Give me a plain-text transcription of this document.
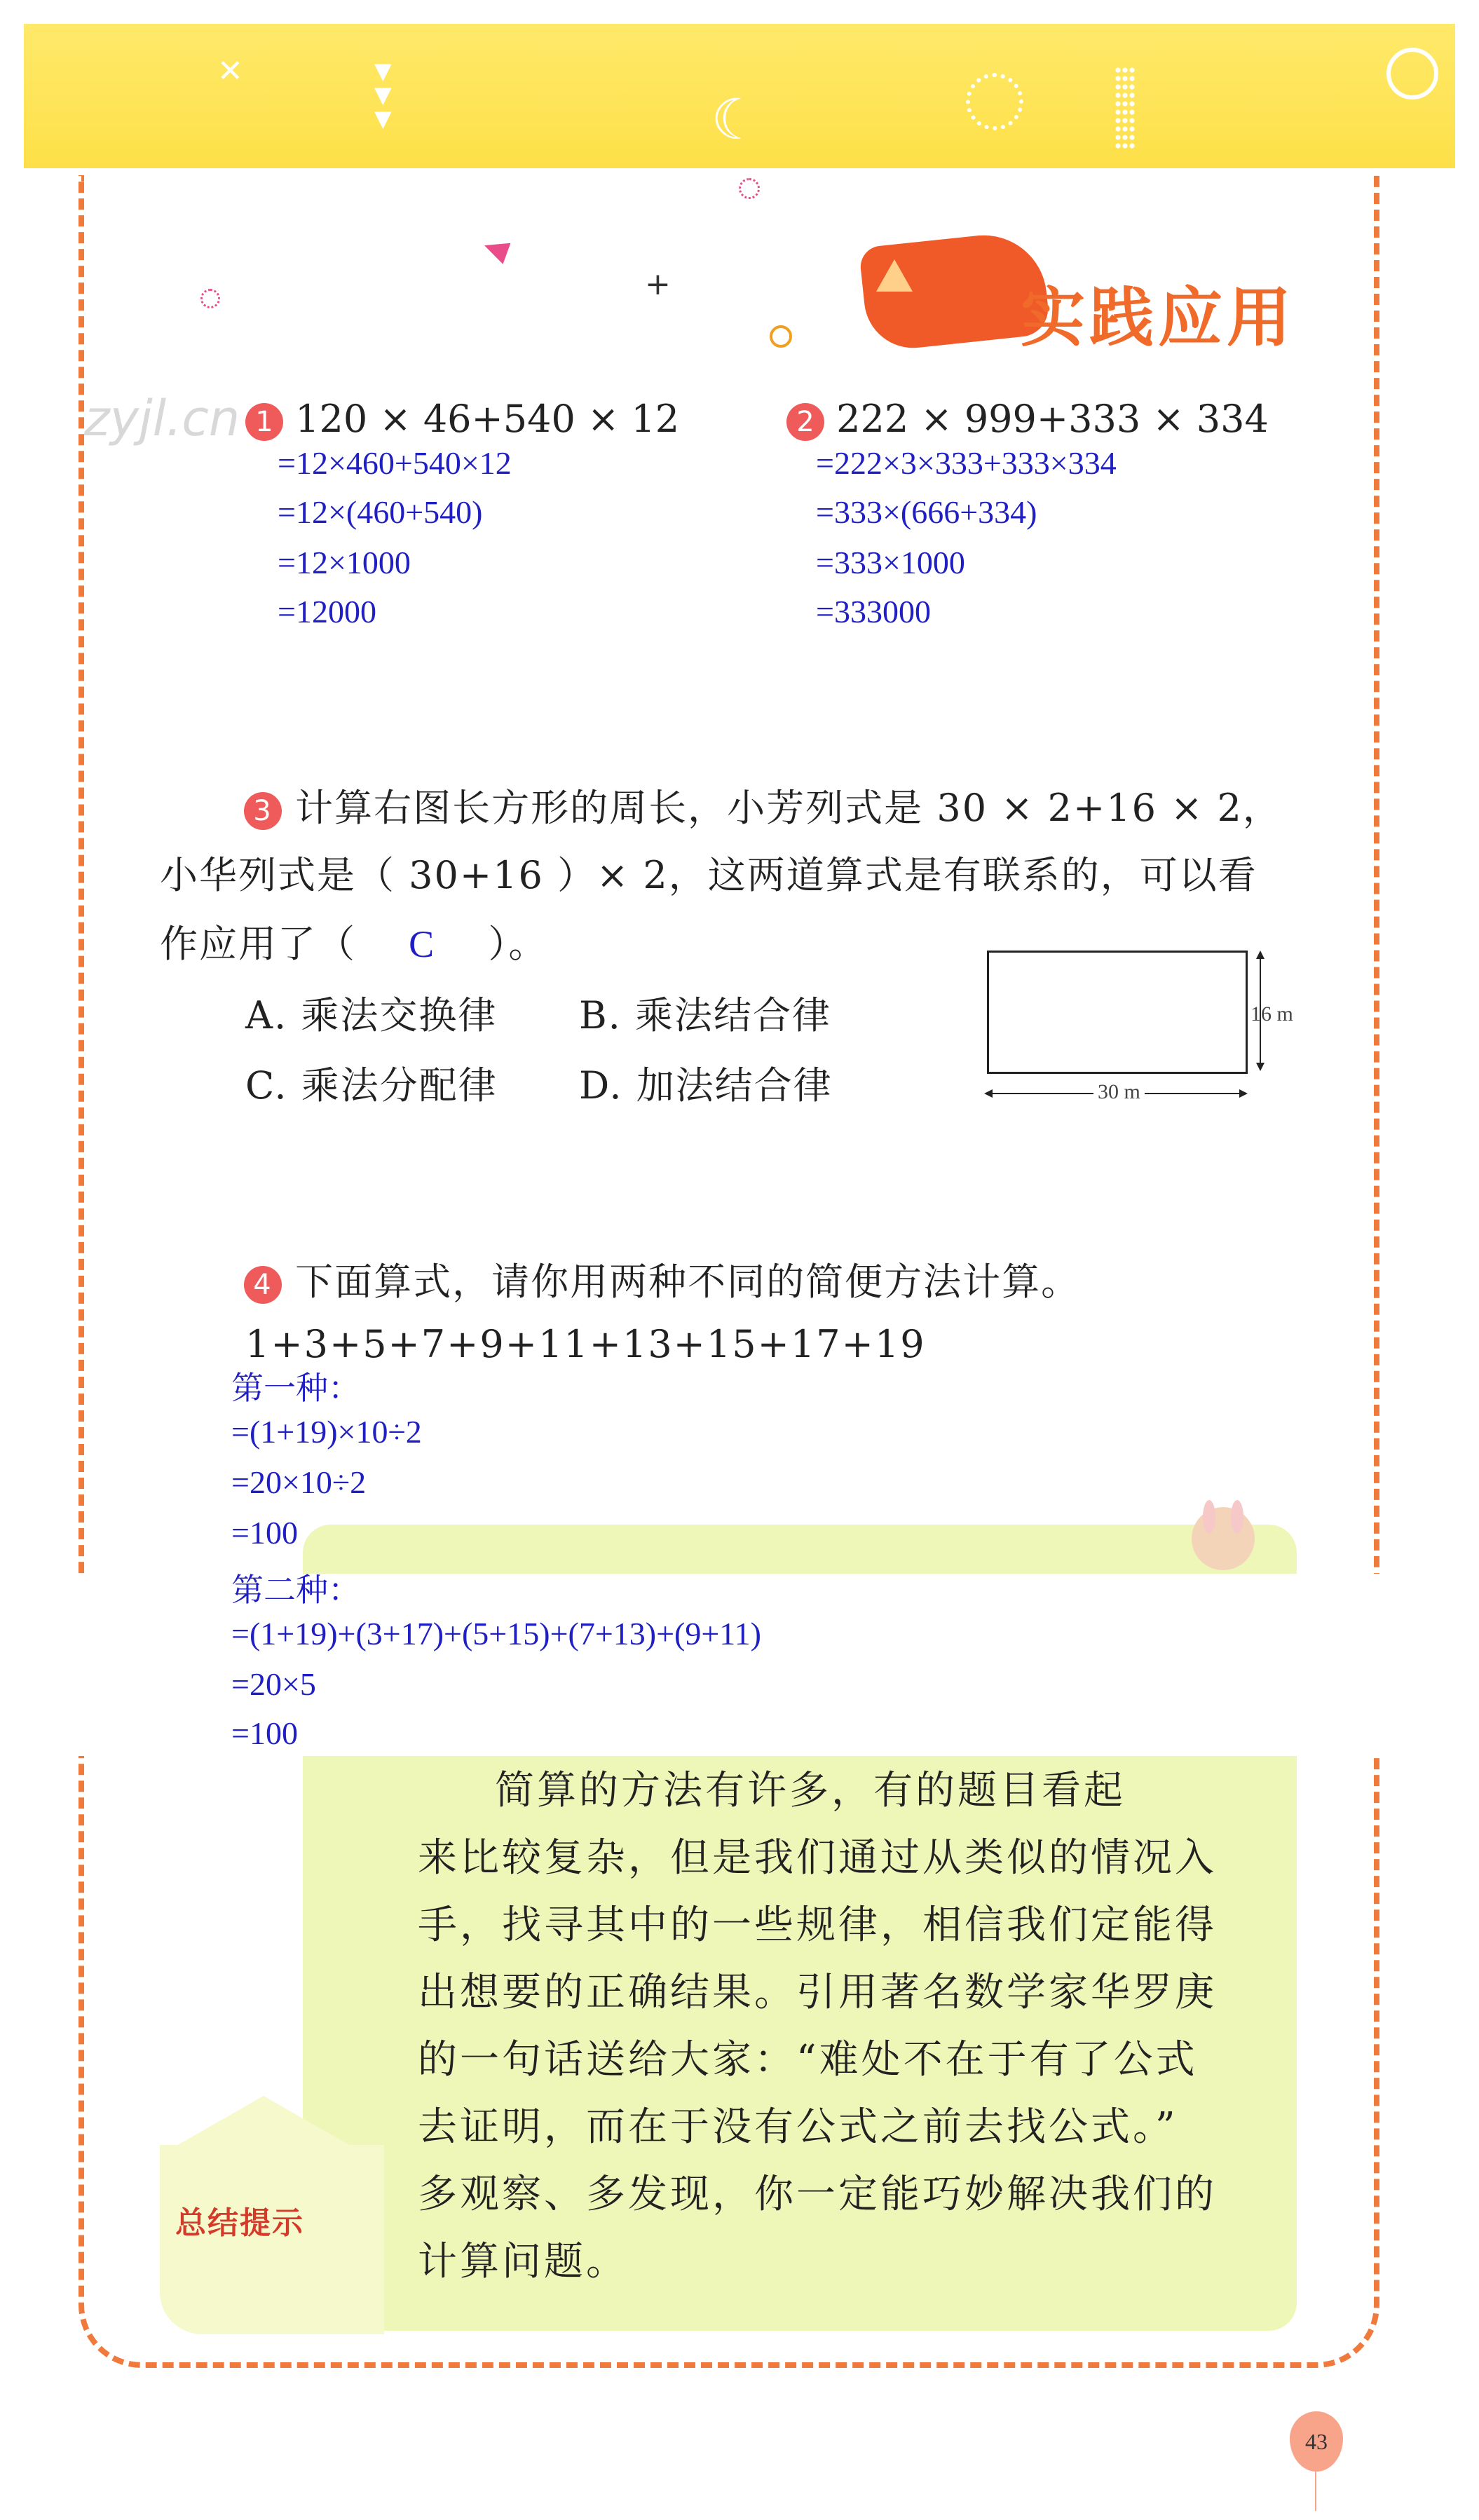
✕	▼
▼
▼	☾
+	实践应用
zyjl.cn 1 120 × 46+540 × 12
=12×460+540×12
=12×(460+540)
=12×1000
=12000
2 222 × 999+333 × 334
=222×3×333+333×334
=333×(666+334)
=333×1000
=333000
3 计算右图长方形的周长，小芳列式是 30 × 2+16 × 2，
小华列式是（ 30+16 ）× 2，这两道算式是有联系的，可以看
作应用了（ C ）。
A. 乘法交换律 B. 乘法结合律
C. 乘法分配律 D. 加法结合律
16 m
30 m
4 下面算式，请你用两种不同的简便方法计算。
1+3+5+7+9+11+13+15+17+19
第一种：
=(1+19)×10÷2
=20×10÷2
=100
第二种：
=(1+19)+(3+17)+(5+15)+(7+13)+(9+11)
=20×5
=100
简算的方法有许多，有的题目看起
来比较复杂，但是我们通过从类似的情况入
手，找寻其中的一些规律，相信我们定能得
出想要的正确结果。引用著名数学家华罗庚
的一句话送给大家：“难处不在于有了公式
去证明，而在于没有公式之前去找公式。”
多观察、多发现，你一定能巧妙解决我们的
计算问题。
总结提示
43
